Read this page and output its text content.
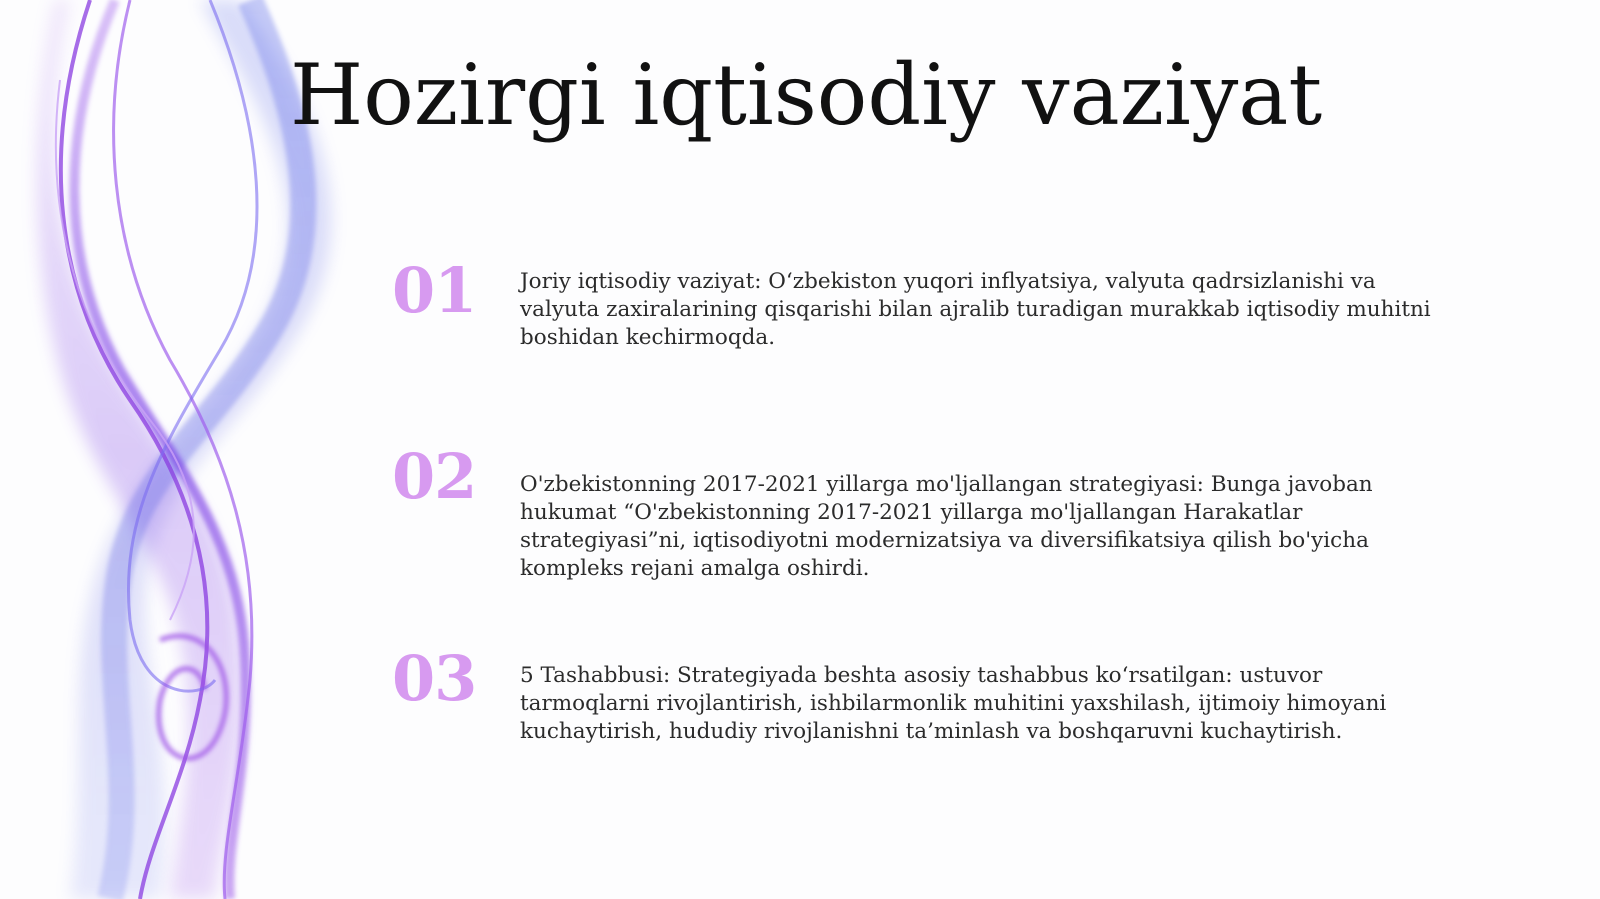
Hozirgi iqtisodiy vaziyat
01	Joriy iqtisodiy vaziyat: O‘zbekiston yuqori inflyatsiya, valyuta qadrsizlanishi va valyuta zaxiralarining qisqarishi bilan ajralib turadigan murakkab iqtisodiy muhitni boshidan kechirmoqda.

02	O'zbekistonning 2017-2021 yillarga mo'ljallangan strategiyasi: Bunga javoban hukumat “O'zbekistonning 2017-2021 yillarga mo'ljallangan Harakatlar strategiyasi”ni, iqtisodiyotni modernizatsiya va diversifikatsiya qilish bo'yicha kompleks rejani amalga oshirdi.

03	5 Tashabbusi: Strategiyada beshta asosiy tashabbus ko‘rsatilgan: ustuvor tarmoqlarni rivojlantirish, ishbilarmonlik muhitini yaxshilash, ijtimoiy himoyani kuchaytirish, hududiy rivojlanishni ta’minlash va boshqaruvni kuchaytirish.
